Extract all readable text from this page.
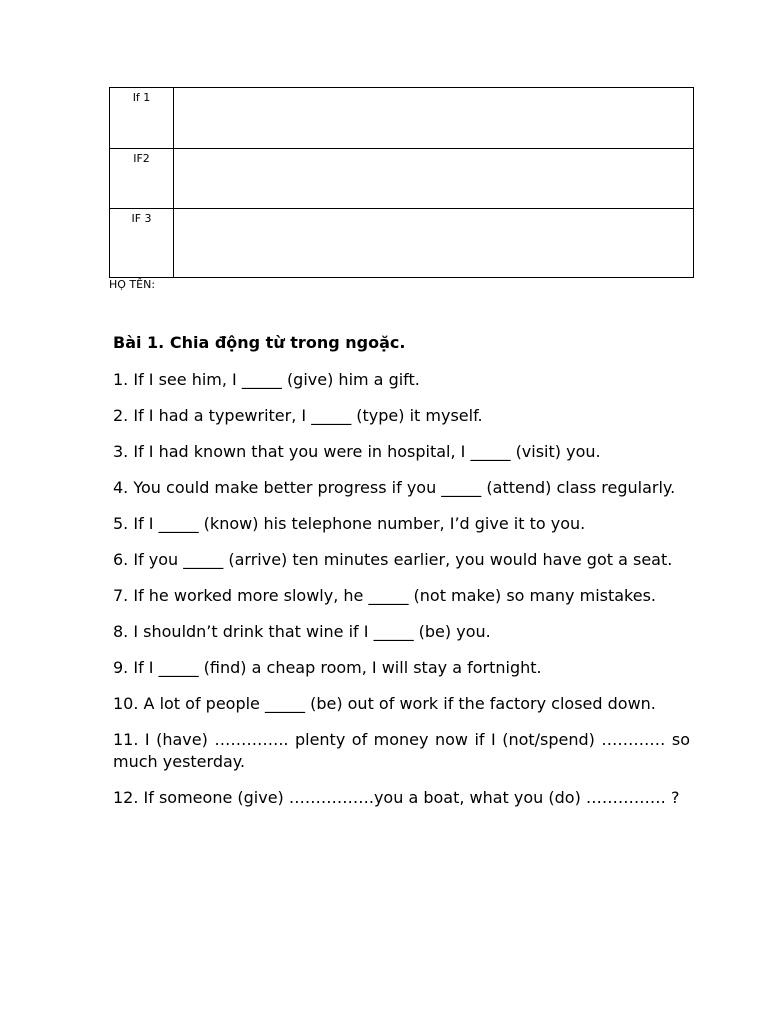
If 1	
IF2	
IF 3	
HỌ TÊN:

Bài 1. Chia động từ trong ngoặc.

1. If I see him, I _____ (give) him a gift.

2. If I had a typewriter, I _____ (type) it myself.

3. If I had known that you were in hospital, I _____ (visit) you.

4. You could make better progress if you _____ (attend) class regularly.

5. If I _____ (know) his telephone number, I’d give it to you.

6. If you _____ (arrive) ten minutes earlier, you would have got a seat.

7. If he worked more slowly, he _____ (not make) so many mistakes.

8. I shouldn’t drink that wine if I _____ (be) you.

9. If I _____ (find) a cheap room, I will stay a fortnight.

10. A lot of people _____ (be) out of work if the factory closed down.

11. I (have) ………….. plenty of money now if I (not/spend) ………… so much yesterday.

12. If someone (give) …………….you a boat, what you (do) …………… ?
